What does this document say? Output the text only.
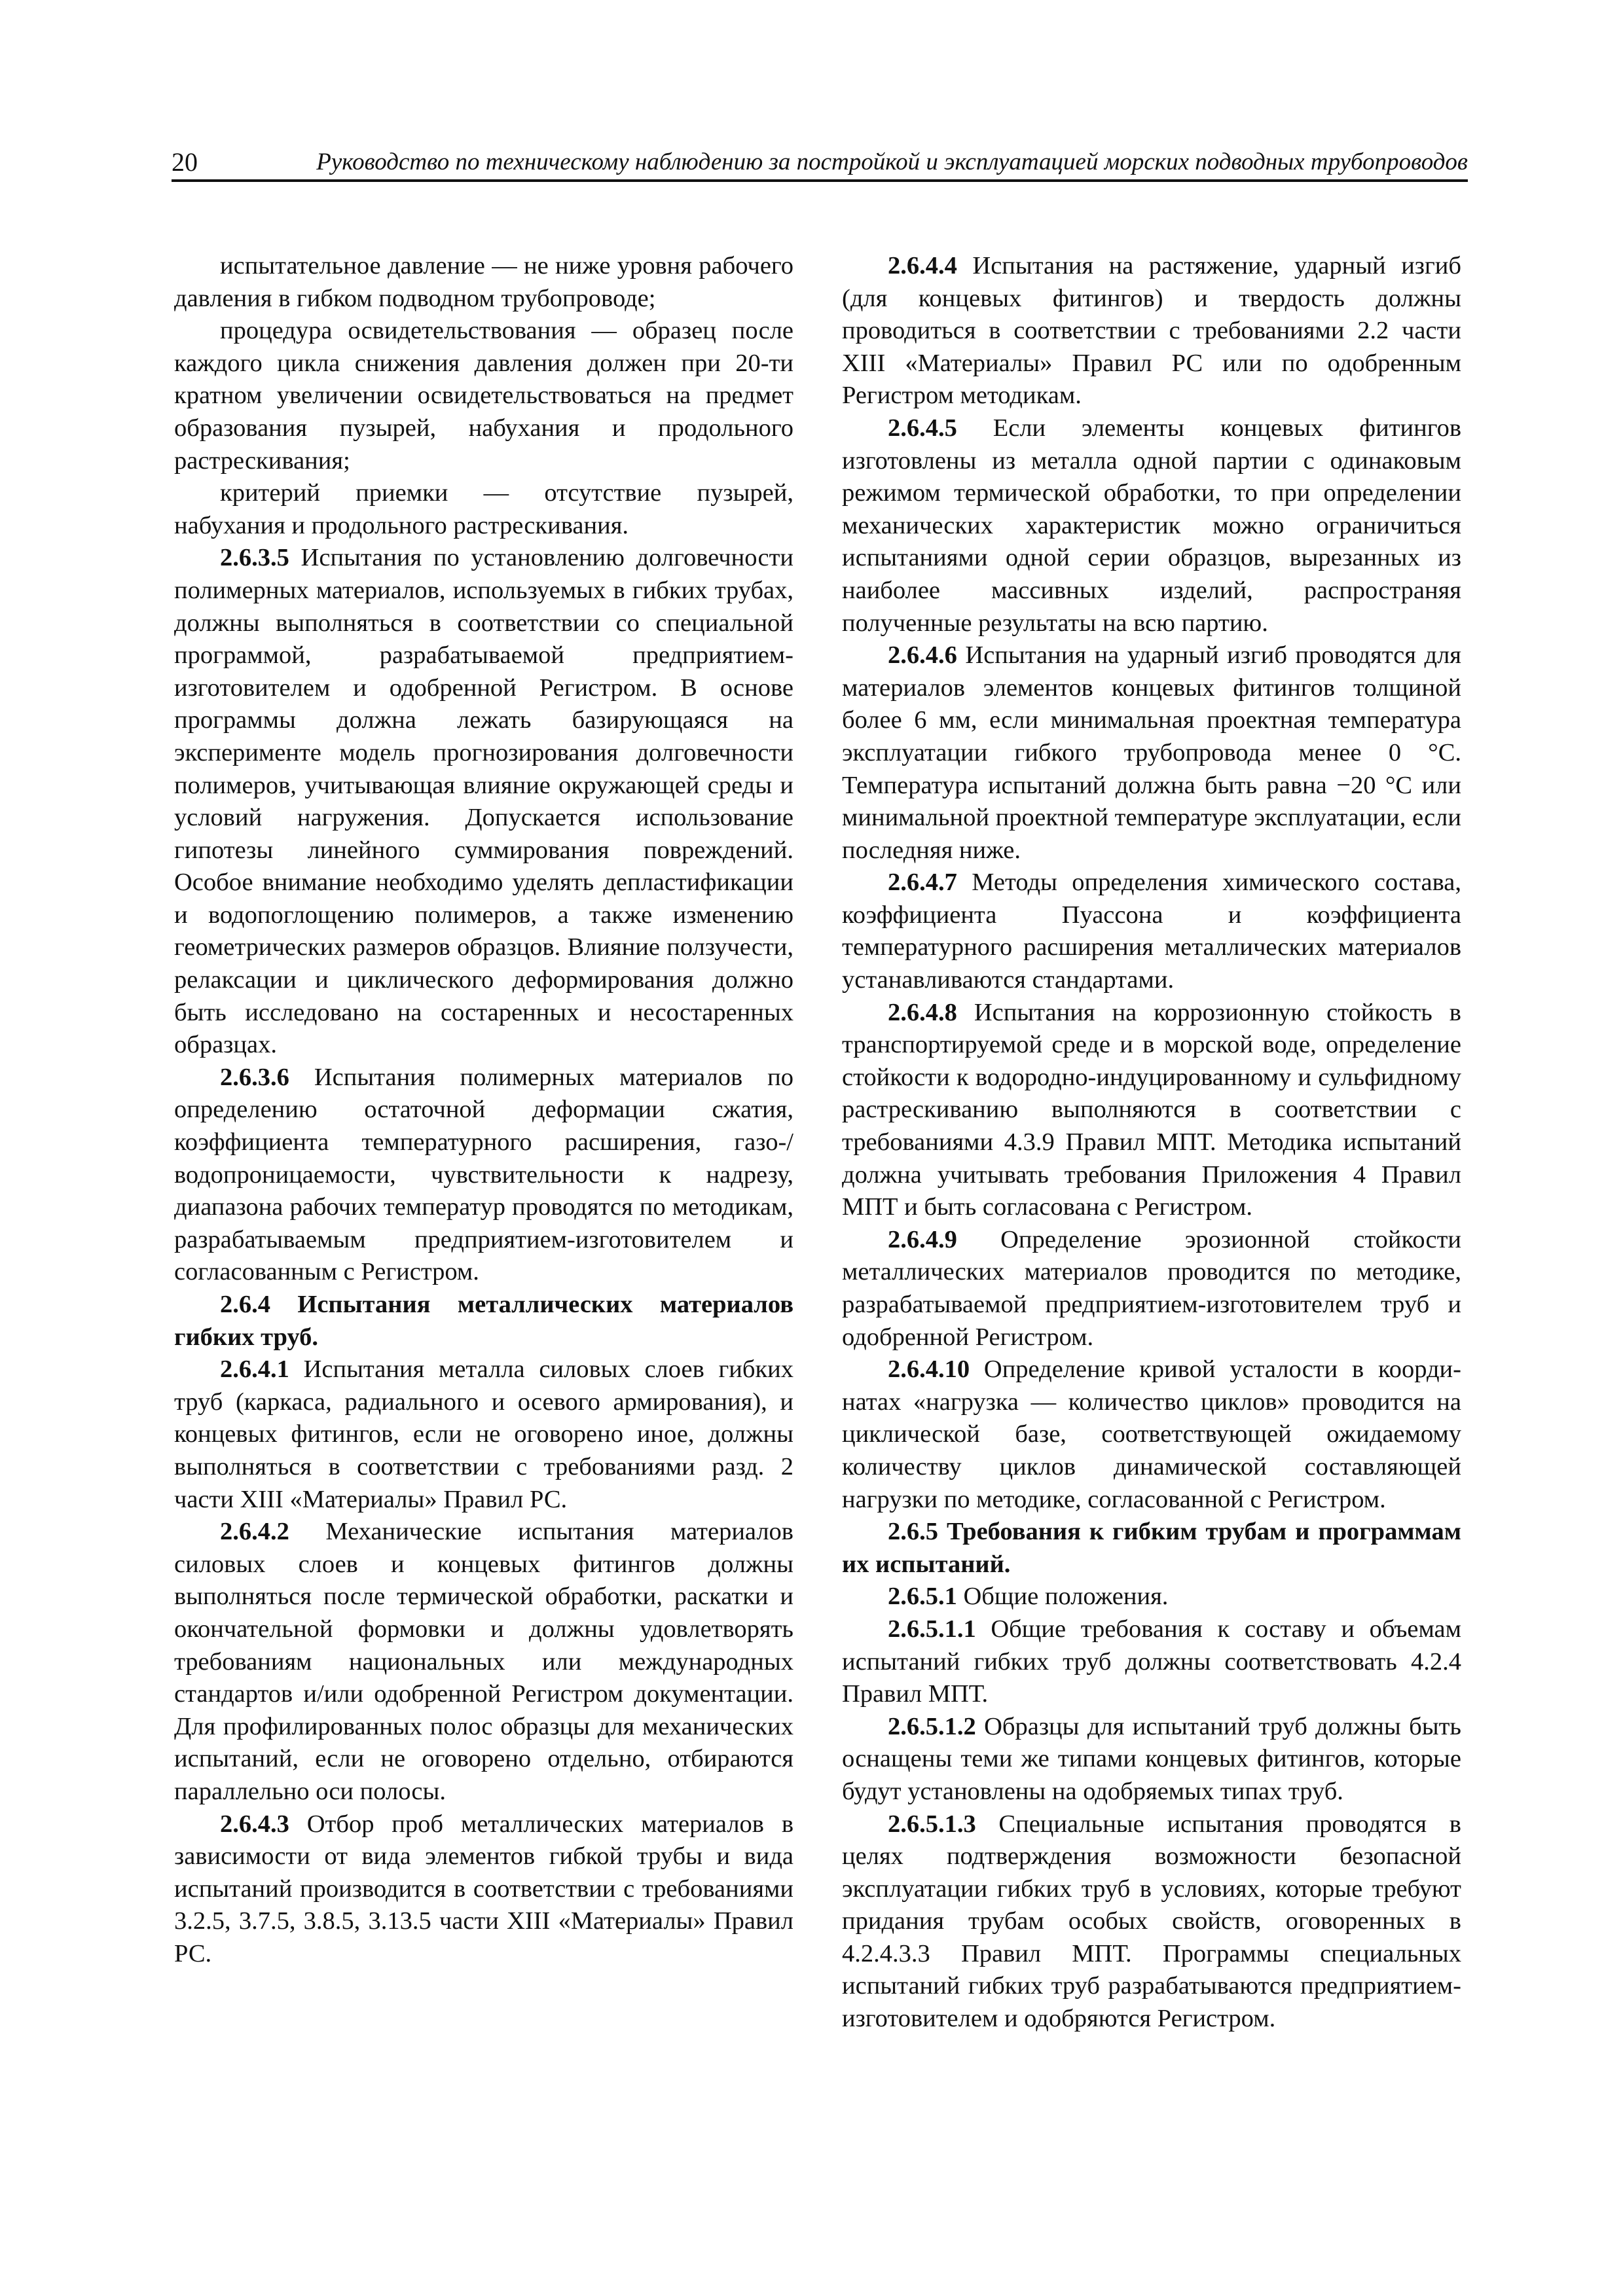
20	Руководство по техническому наблюдению за постройкой и эксплуатацией морских подводных трубопроводов

испытательное давление — не ниже уровня рабочего давления в гибком подводном трубопроводе;

процедура освидетельствования — образец после каждого цикла снижения давления должен при 20-ти кратном увеличении освидетельствоваться на предмет образования пузырей, набухания и продольного растрескивания;

критерий приемки — отсутствие пузырей, набухания и продольного растрескивания.

2.6.3.5 Испытания по установлению долговечности полимерных материалов, используемых в гибких трубах, должны выполняться в соответствии со специальной программой, разрабатываемой предприятием-изготовителем и одобренной Регистром. В основе программы должна лежать базирующаяся на эксперименте модель прогнозирования долговечности полимеров, учитывающая влияние окружающей среды и условий нагружения. Допускается использование гипотезы линейного суммирования повреждений. Особое внимание необходимо уделять депластификации и водопоглощению полимеров, а также изменению геометрических размеров образцов. Влияние ползучести, релаксации и циклического деформирования должно быть исследовано на состаренных и несостаренных образцах.

2.6.3.6 Испытания полимерных материалов по определению остаточной деформации сжатия, коэффициента температурного расширения, газо-/водопроницаемости, чувствительности к надрезу, диапазона рабочих температур проводятся по методикам, разрабатываемым предприятием-изготовителем и согласованным с Регистром.

2.6.4 Испытания металлических материалов гибких труб.

2.6.4.1 Испытания металла силовых слоев гибких труб (каркаса, радиального и осевого армирования), и концевых фитингов, если не оговорено иное, должны выполняться в соответствии с требованиями разд. 2 части XIII «Материалы» Правил РС.

2.6.4.2 Механические испытания материалов силовых слоев и концевых фитингов должны выполняться после термической обработки, раскатки и окончательной формовки и должны удовлетворять требованиям национальных или международных стандартов и/или одобренной Регистром документации. Для профилированных полос образцы для механических испытаний, если не оговорено отдельно, отбираются параллельно оси полосы.

2.6.4.3 Отбор проб металлических материалов в зависимости от вида элементов гибкой трубы и вида испытаний производится в соответствии с требованиями 3.2.5, 3.7.5, 3.8.5, 3.13.5 части XIII «Материалы» Правил РС.

2.6.4.4 Испытания на растяжение, ударный изгиб (для концевых фитингов) и твердость должны проводиться в соответствии с требованиями 2.2 части XIII «Материалы» Правил РС или по одобренным Регистром методикам.

2.6.4.5 Если элементы концевых фитингов изготовлены из металла одной партии с одинаковым режимом термической обработки, то при определении механических характеристик можно ограничиться испытаниями одной серии образцов, вырезанных из наиболее массивных изделий, распространяя полученные результаты на всю партию.

2.6.4.6 Испытания на ударный изгиб проводятся для материалов элементов концевых фитингов толщиной более 6 мм, если минимальная проектная температура эксплуатации гибкого трубопровода менее 0 °С. Температура испытаний должна быть равна −20 °С или минимальной проектной температуре эксплуатации, если последняя ниже.

2.6.4.7 Методы определения химического состава, коэффициента Пуассона и коэффициента температурного расширения металлических материалов устанавливаются стандартами.

2.6.4.8 Испытания на коррозионную стойкость в транспортируемой среде и в морской воде, определение стойкости к водородно-индуцированному и сульфидному растрескиванию выполняются в соответствии с требованиями 4.3.9 Правил МПТ. Методика испытаний должна учитывать требования Приложения 4 Правил МПТ и быть согласована с Регистром.

2.6.4.9 Определение эрозионной стойкости металлических материалов проводится по методике, разрабатываемой предприятием-изготовителем труб и одобренной Регистром.

2.6.4.10 Определение кривой усталости в координатах «нагрузка — количество циклов» проводится на циклической базе, соответствующей ожидаемому количеству циклов динамической составляющей нагрузки по методике, согласованной с Регистром.

2.6.5 Требования к гибким трубам и программам их испытаний.

2.6.5.1 Общие положения.

2.6.5.1.1 Общие требования к составу и объемам испытаний гибких труб должны соответствовать 4.2.4 Правил МПТ.

2.6.5.1.2 Образцы для испытаний труб должны быть оснащены теми же типами концевых фитингов, которые будут установлены на одобряемых типах труб.

2.6.5.1.3 Специальные испытания проводятся в целях подтверждения возможности безопасной эксплуатации гибких труб в условиях, которые требуют придания трубам особых свойств, оговоренных в 4.2.4.3.3 Правил МПТ. Программы специальных испытаний гибких труб разрабатываются предприятием-изготовителем и одобряются Регистром.
